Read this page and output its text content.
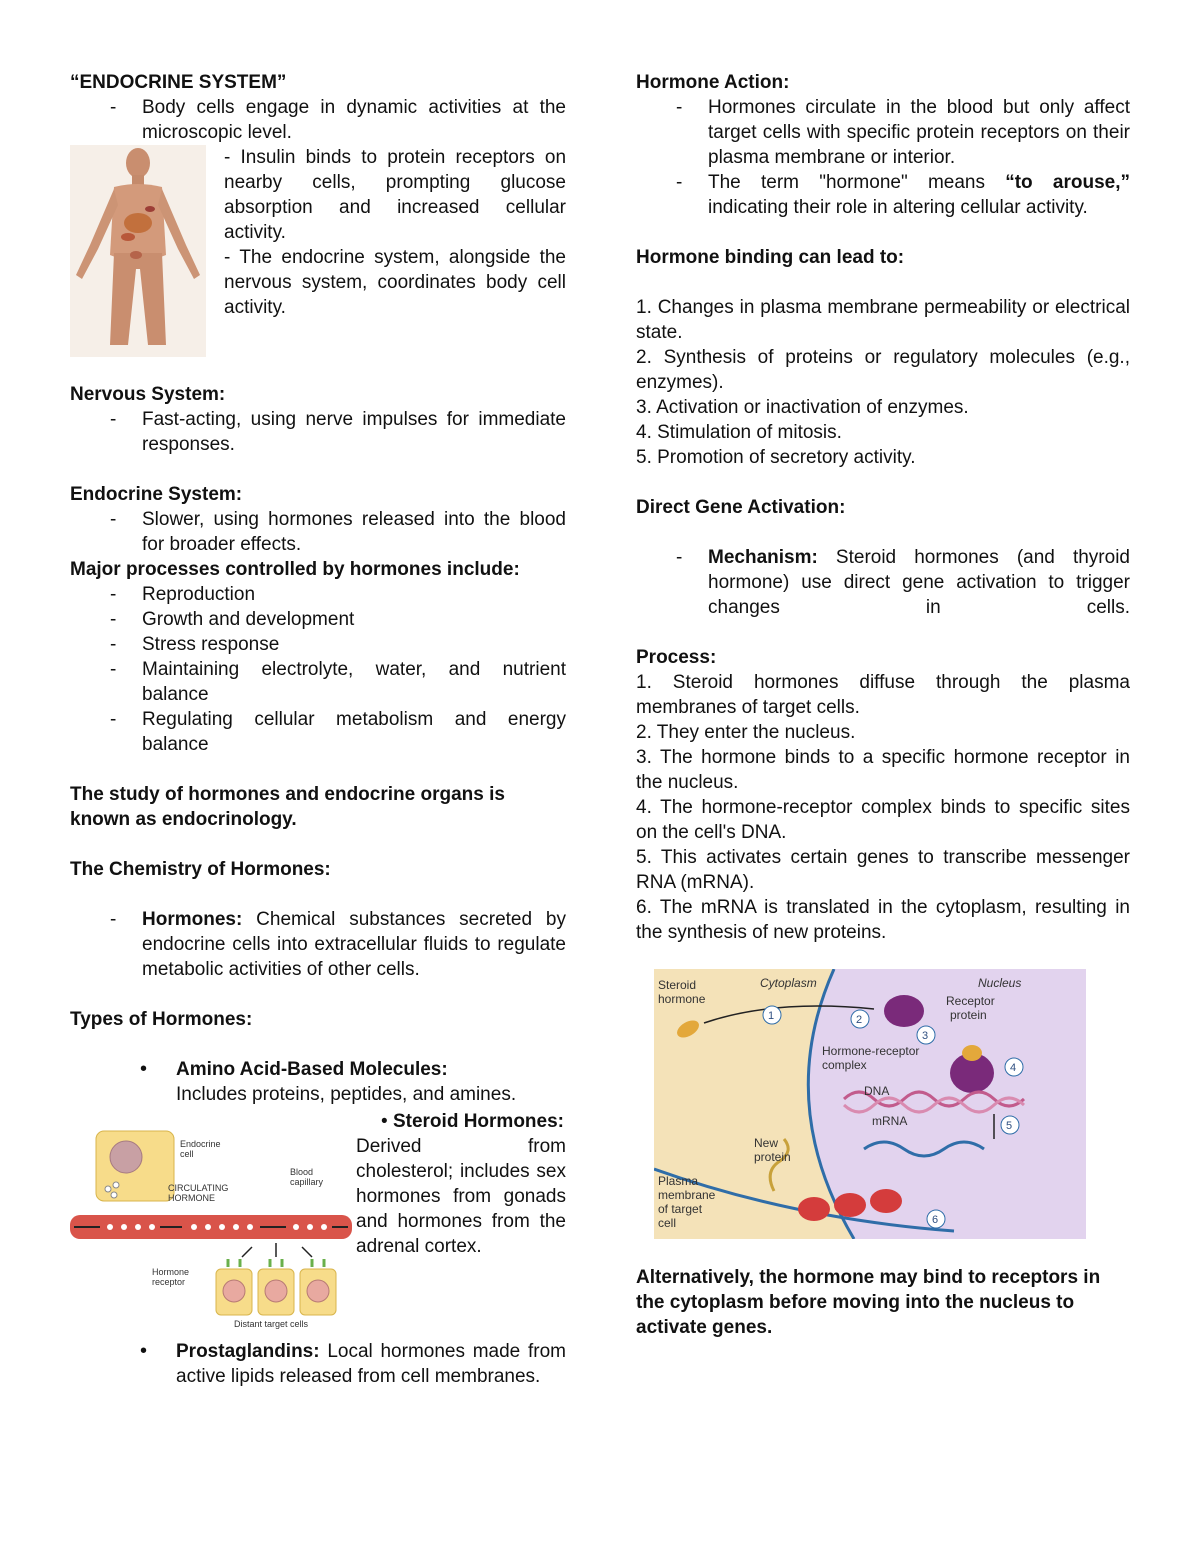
“ENDOCRINE SYSTEM”
- Body cells engage in dynamic activities at the microscopic level.
- Insulin binds to protein receptors on nearby cells, prompting glucose absorption and increased cellular activity.
- The endocrine system, alongside the nervous system, coordinates body cell activity.
Nervous System:
- Fast-acting, using nerve impulses for immediate responses.
Endocrine System:
- Slower, using hormones released into the blood for broader effects.
Major processes controlled by hormones include:
- Reproduction
- Growth and development
- Stress response
- Maintaining electrolyte, water, and nutrient balance
- Regulating cellular metabolism and energy balance
The study of hormones and endocrine organs is known as endocrinology.
The Chemistry of Hormones:
- Hormones: Chemical substances secreted by endocrine cells into extracellular fluids to regulate metabolic activities of other cells.
Types of Hormones:
• Amino Acid-Based Molecules:
Includes proteins, peptides, and amines.
Endocrine
cell
CIRCULATING
HORMONE
Blood
capillary
Hormone
receptor
Distant target cells
• Steroid Hormones:
Derived from cholesterol; includes sex hormones from gonads and hormones from the adrenal cortex.
• Prostaglandins: Local hormones made from active lipids released from cell membranes.
Hormone Action:
- Hormones circulate in the blood but only affect target cells with specific protein receptors on their plasma membrane or interior.
- The term "hormone" means “to arouse,” indicating their role in altering cellular activity.
Hormone binding can lead to:
1. Changes in plasma membrane permeability or electrical state.
2. Synthesis of proteins or regulatory molecules (e.g., enzymes).
3. Activation or inactivation of enzymes.
4. Stimulation of mitosis.
5. Promotion of secretory activity.
Direct Gene Activation:
- Mechanism: Steroid hormones (and thyroid hormone) use direct gene activation to trigger changes in cells.
Process:
1. Steroid hormones diffuse through the plasma membranes of target cells.
2. They enter the nucleus.
3. The hormone binds to a specific hormone receptor in the nucleus.
4. The hormone-receptor complex binds to specific sites on the cell's DNA.
5. This activates certain genes to transcribe messenger RNA (mRNA).
6. The mRNA is translated in the cytoplasm, resulting in the synthesis of new proteins.
1	2
3
4
5
6
Steroid
hormone
Cytoplasm	Nucleus
Receptor
protein
Hormone-receptor
complex
DNA
mRNA
New
protein
Plasma
membrane
of target
cell
Alternatively, the hormone may bind to receptors in the cytoplasm before moving into the nucleus to activate genes.
